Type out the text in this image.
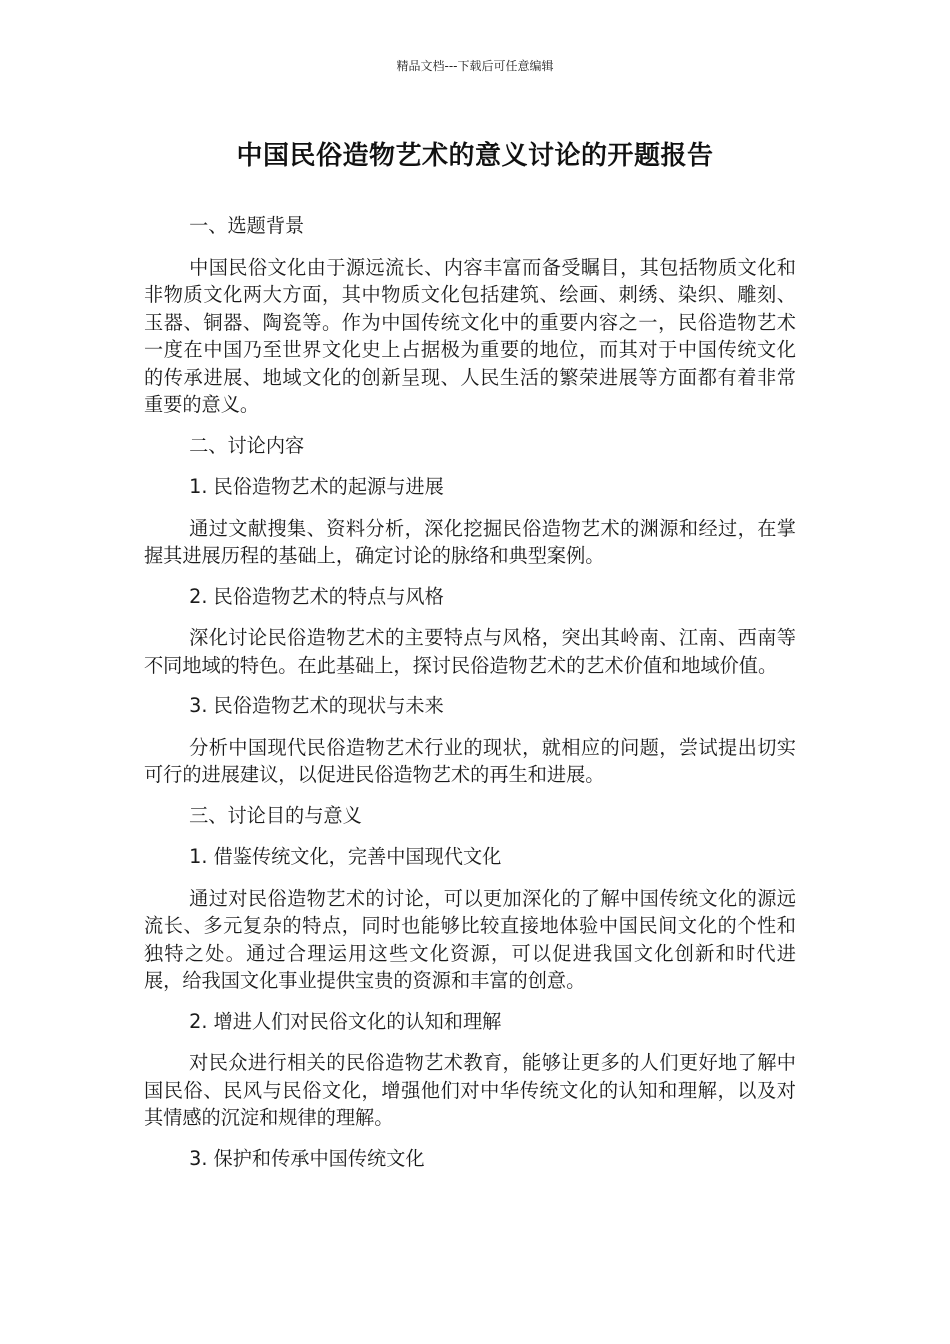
精品文档---下载后可任意编辑
中国民俗造物艺术的意义讨论的开题报告

一、选题背景

中国民俗文化由于源远流长、内容丰富而备受瞩目，其包括物质文化和非物质文化两大方面，其中物质文化包括建筑、绘画、刺绣、染织、雕刻、玉器、铜器、陶瓷等。作为中国传统文化中的重要内容之一，民俗造物艺术一度在中国乃至世界文化史上占据极为重要的地位，而其对于中国传统文化的传承进展、地域文化的创新呈现、人民生活的繁荣进展等方面都有着非常重要的意义。

二、讨论内容

1. 民俗造物艺术的起源与进展

通过文献搜集、资料分析，深化挖掘民俗造物艺术的渊源和经过，在掌握其进展历程的基础上，确定讨论的脉络和典型案例。

2. 民俗造物艺术的特点与风格

深化讨论民俗造物艺术的主要特点与风格，突出其岭南、江南、西南等不同地域的特色。在此基础上，探讨民俗造物艺术的艺术价值和地域价值。

3. 民俗造物艺术的现状与未来

分析中国现代民俗造物艺术行业的现状，就相应的问题，尝试提出切实可行的进展建议，以促进民俗造物艺术的再生和进展。

三、讨论目的与意义

1. 借鉴传统文化，完善中国现代文化

通过对民俗造物艺术的讨论，可以更加深化的了解中国传统文化的源远流长、多元复杂的特点，同时也能够比较直接地体验中国民间文化的个性和独特之处。通过合理运用这些文化资源，可以促进我国文化创新和时代进展，给我国文化事业提供宝贵的资源和丰富的创意。

2. 增进人们对民俗文化的认知和理解

对民众进行相关的民俗造物艺术教育，能够让更多的人们更好地了解中国民俗、民风与民俗文化，增强他们对中华传统文化的认知和理解，以及对其情感的沉淀和规律的理解。

3. 保护和传承中国传统文化
